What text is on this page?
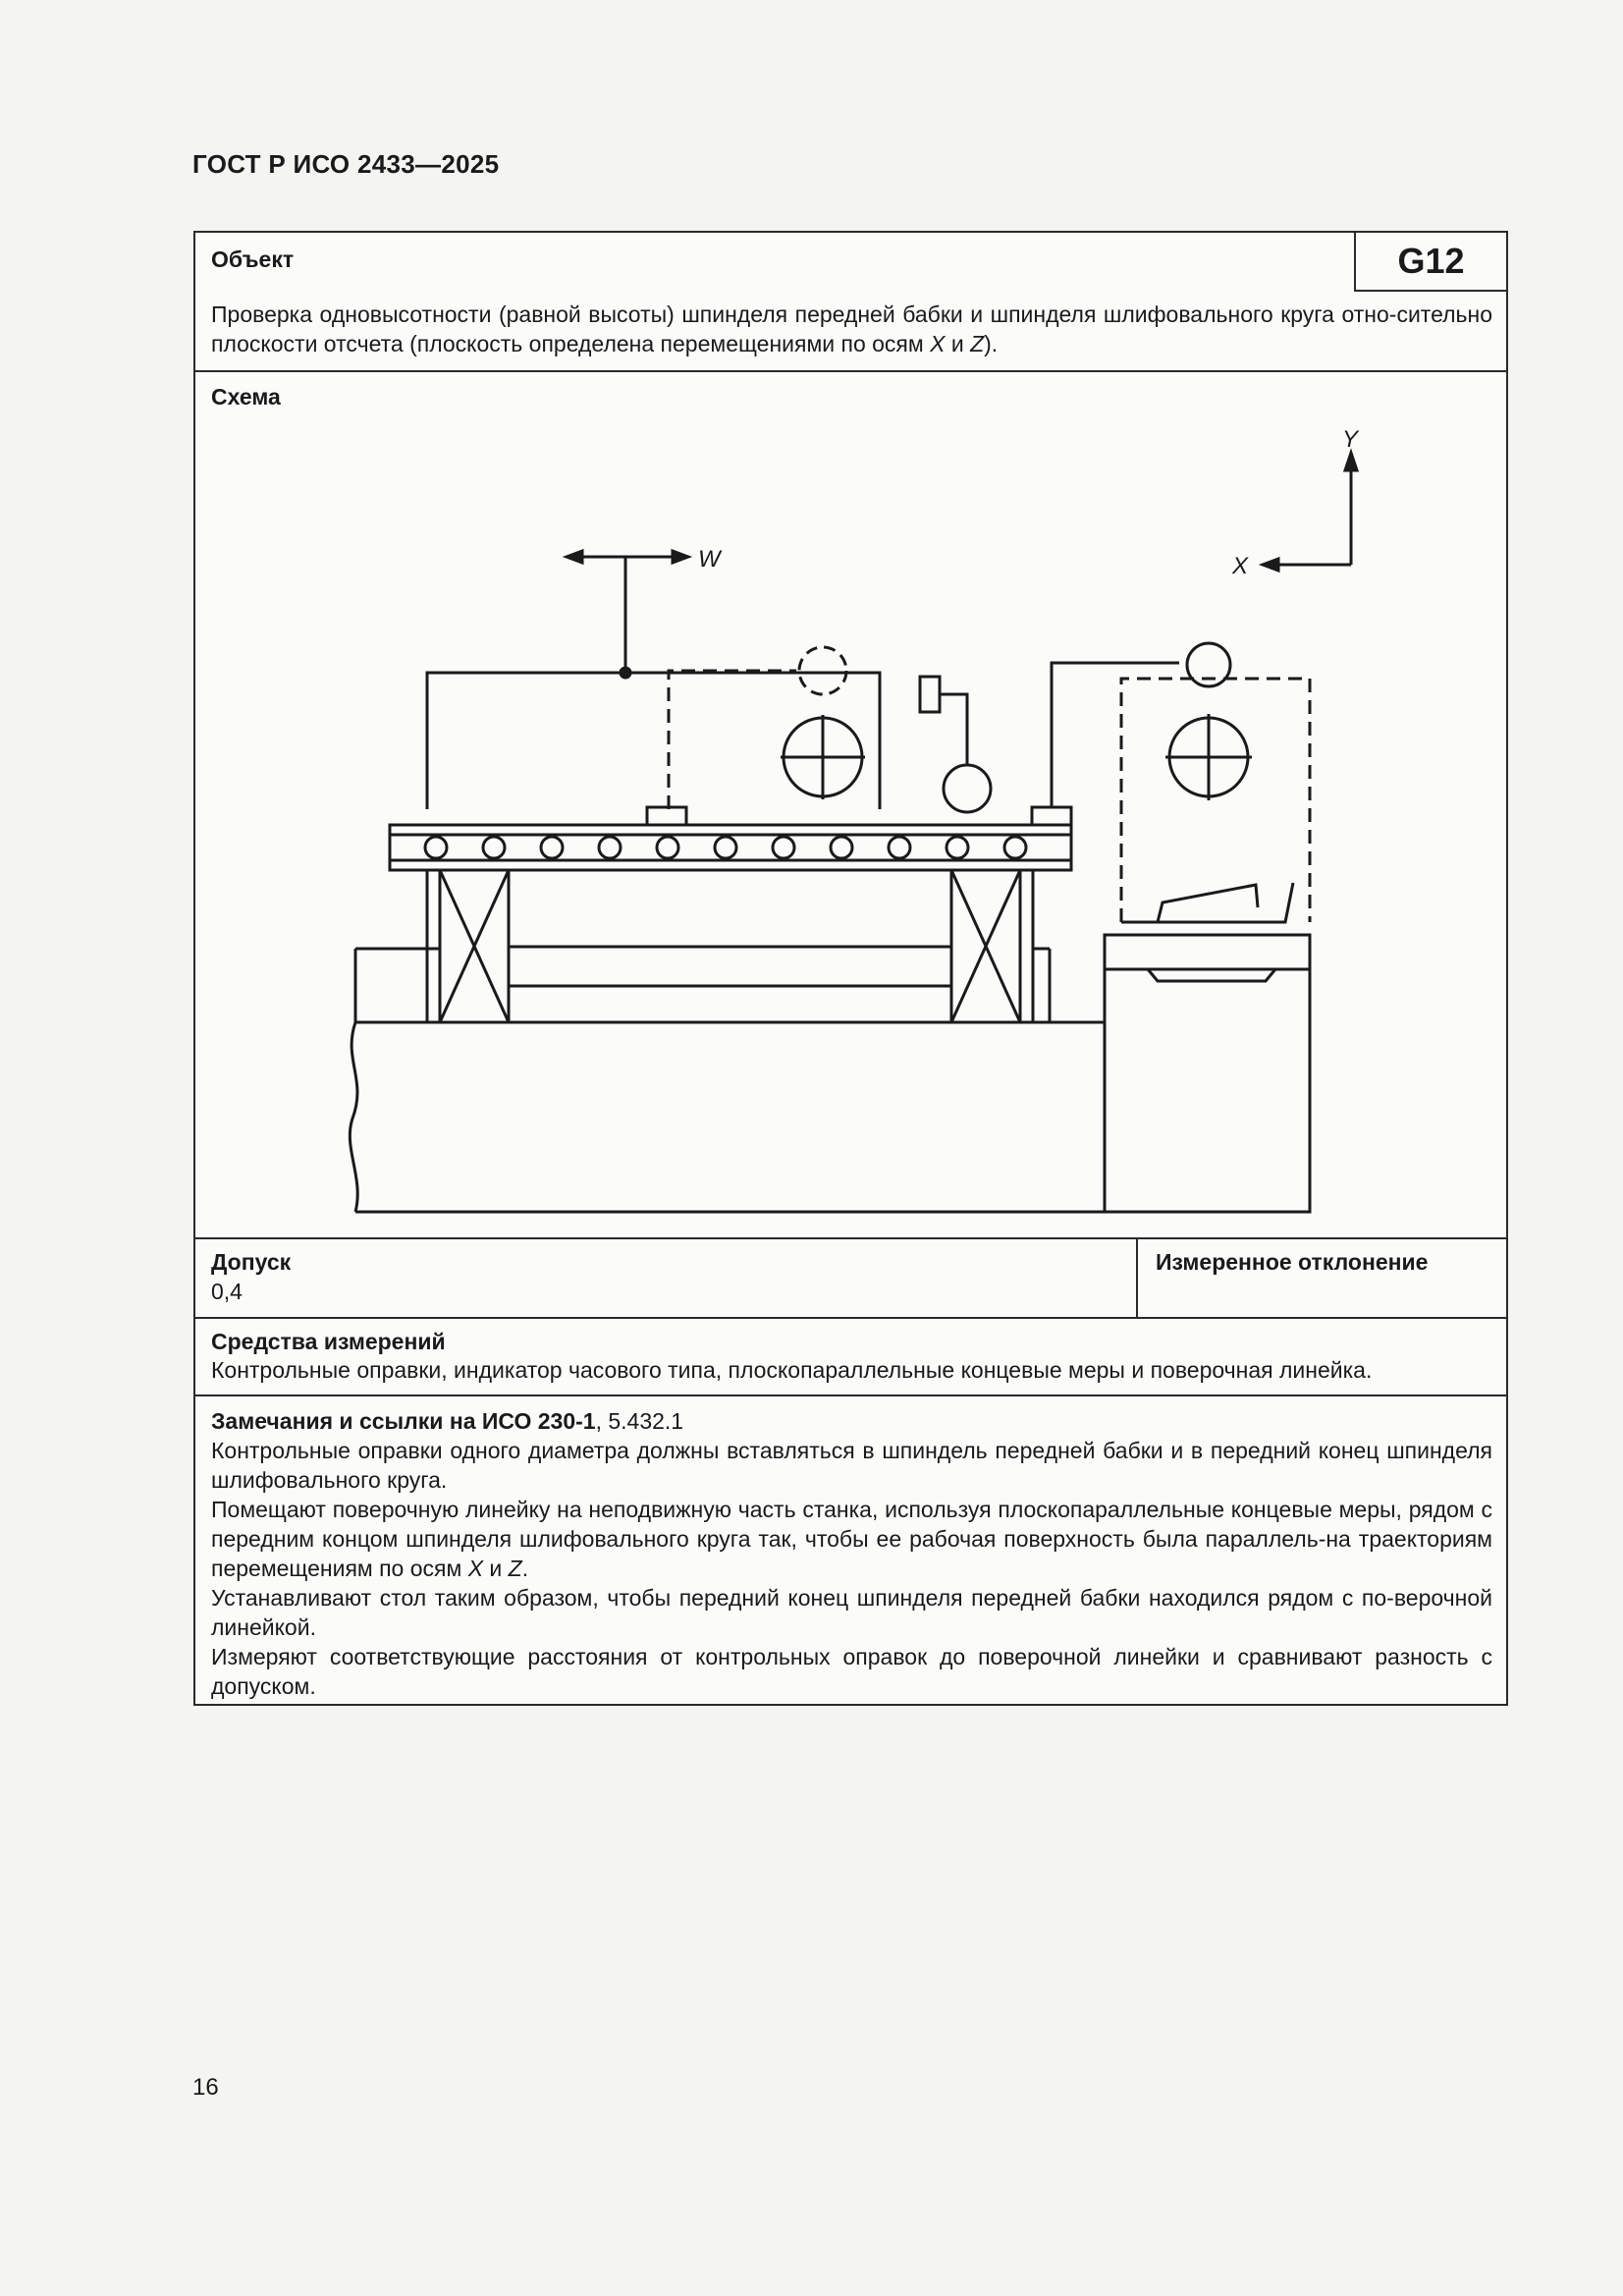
ГОСТ Р ИСО 2433—2025
Объект	G12
Проверка одновысотности (равной высоты) шпинделя передней бабки и шпинделя шлифовального круга отно-сительно плоскости отсчета (плоскость определена перемещениями по осям X и Z).
Схема
W
Y
X
Допуск
0,4
Измеренное отклонение
Средства измерений
Контрольные оправки, индикатор часового типа, плоскопараллельные концевые меры и поверочная линейка.
Замечания и ссылки на ИСО 230-1, 5.432.1
Контрольные оправки одного диаметра должны вставляться в шпиндель передней бабки и в передний конец шпинделя шлифовального круга.
Помещают поверочную линейку на неподвижную часть станка, используя плоскопараллельные концевые меры, рядом с передним концом шпинделя шлифовального круга так, чтобы ее рабочая поверхность была параллель-на траекториям перемещениям по осям X и Z.
Устанавливают стол таким образом, чтобы передний конец шпинделя передней бабки находился рядом с по-верочной линейкой.
Измеряют соответствующие расстояния от контрольных оправок до поверочной линейки и сравнивают разность с допуском.
16
